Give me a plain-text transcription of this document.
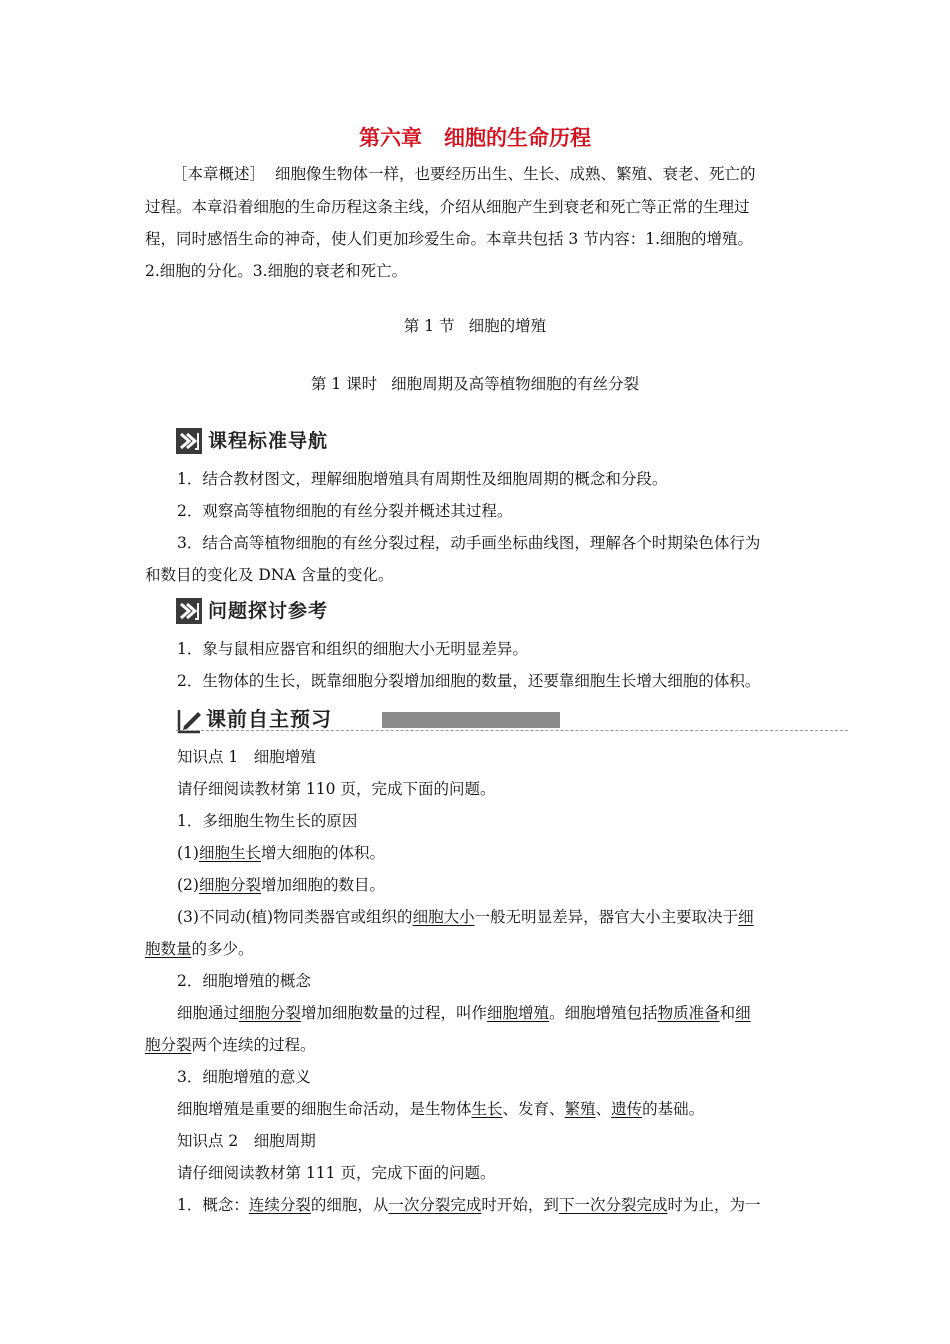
第六章 细胞的生命历程
［本章概述］ 细胞像生物体一样，也要经历出生、生长、成熟、繁殖、衰老、死亡的
过程。本章沿着细胞的生命历程这条主线，介绍从细胞产生到衰老和死亡等正常的生理过
程，同时感悟生命的神奇，使人们更加珍爱生命。本章共包括 3 节内容：1.细胞的增殖。
2.细胞的分化。3.细胞的衰老和死亡。
第 1 节 细胞的增殖
第 1 课时 细胞周期及高等植物细胞的有丝分裂
课程标准导航
1．结合教材图文，理解细胞增殖具有周期性及细胞周期的概念和分段。
2．观察高等植物细胞的有丝分裂并概述其过程。
3．结合高等植物细胞的有丝分裂过程，动手画坐标曲线图，理解各个时期染色体行为
和数目的变化及 DNA 含量的变化。
问题探讨参考
1．象与鼠相应器官和组织的细胞大小无明显差异。
2．生物体的生长，既靠细胞分裂增加细胞的数量，还要靠细胞生长增大细胞的体积。
课前自主预习
知识点 1　细胞增殖
请仔细阅读教材第 110 页，完成下面的问题。
1．多细胞生物生长的原因
(1)细胞生长增大细胞的体积。
(2)细胞分裂增加细胞的数目。
(3)不同动(植)物同类器官或组织的细胞大小一般无明显差异，器官大小主要取决于细
胞数量的多少。
2．细胞增殖的概念
细胞通过细胞分裂增加细胞数量的过程，叫作细胞增殖。细胞增殖包括物质准备和细
胞分裂两个连续的过程。
3．细胞增殖的意义
细胞增殖是重要的细胞生命活动，是生物体生长、发育、繁殖、遗传的基础。
知识点 2　细胞周期
请仔细阅读教材第 111 页，完成下面的问题。
1．概念：连续分裂的细胞，从一次分裂完成时开始，到下一次分裂完成时为止，为一
